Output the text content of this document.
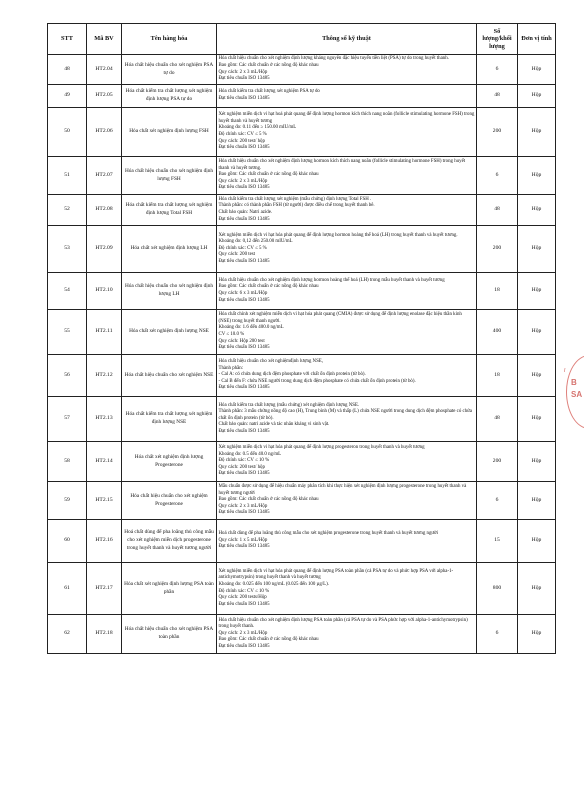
STT	Mã BV	Tên hàng hóa	Thông số kỹ thuật	Số lượng/khối lượng	Đơn vị tính
48	HT2.04	Hóa chất hiệu chuẩn cho xét nghiệm PSA tự do	Hóa chất hiệu chuẩn cho xét nghiệm định lượng kháng nguyên đặc hiệu tuyến tiền liệt (PSA) tự do trong huyết thanh.
Bao gồm: Các chất chuẩn ở các nồng độ khác nhau
Quy cách: 2 x 3 mL/Hộp
Đạt tiêu chuẩn ISO 13485	6	Hộp
49	HT2.05	Hóa chất kiểm tra chất lượng xét nghiệm định lượng PSA tự do	Hóa chất kiểm tra chất lượng xét nghiệm PSA tự do
Đạt tiêu chuẩn ISO 13485	48	Hộp
50	HT2.06	Hóa chất xét nghiệm định lượng FSH	Xét nghiệm miễn dịch vi hạt hoá phát quang để định lượng hormon kích thích nang noãn (follicle stimulating hormone FSH) trong huyết thanh và huyết tương
Khoảng đo: 0.11 đến ≥ 150.00 mIU/mL
Độ chính xác: CV ≤ 5 %
Quy cách: 200 test/ hộp
Đạt tiêu chuẩn ISO 13485	200	Hộp
51	HT2.07	Hóa chất hiệu chuẩn cho xét nghiệm định lượng FSH	Hóa chất hiệu chuẩn cho xét nghiệm định lượng hormon kích thích nang noãn (follicle stimulating hormone FSH) trong huyết thanh và huyết tương.
Bao gồm: Các chất chuẩn ở các nồng độ khác nhau
Quy cách: 2 x 3 mL/Hộp
Đạt tiêu chuẩn ISO 13485	6	Hộp
52	HT2.08	Hóa chất kiểm tra chất lượng xét nghiệm định lượng Total FSH	Hóa chất kiểm tra chất lượng xét nghiệm (mẫu chứng) định lượng Total FSH .
Thành phần: có thành phần FSH (từ người) được điều chế trong huyết thanh bê.
Chất bảo quản: Natri azide.
Đạt tiêu chuẩn ISO 13485	48	Hộp
53	HT2.09	Hóa chất xét nghiệm định lượng LH	Xét nghiệm miễn dịch vi hạt hóa phát quang để định lượng hormon hoàng thể hoá (LH) trong huyết thanh và huyết tương.
Khoảng đo: 0,12 đến 250.00 mIU/mL
Độ chính xác: CV ≤ 5 %
Quy cách: 200 test
Đạt tiêu chuẩn ISO 13485	200	Hộp
54	HT2.10	Hóa chất hiệu chuẩn cho xét nghiệm định lượng LH	Hóa chất hiệu chuẩn cho xét nghiệm định lượng hormon hoàng thể hoá (LH) trong mẫu huyết thanh và huyết tương
Bao gồm: Các chất chuẩn ở các nồng độ khác nhau
Quy cách: 6 x 3 mL/Hộp
Đạt tiêu chuẩn ISO 13485	18	Hộp
55	HT2.11	Hóa chất xét nghiệm định lượng NSE	Hóa chất chính xét nghiệm miễn dịch vi hạt hóa phát quang (CMIA) được sử dụng để định lượng enolase đặc hiệu thần kinh (NSE) trong huyết thanh người.
Khoảng đo: 1.6 đến 400.0 ng/mL
CV ≤ 10.0 %
Quy cách: Hộp 200 test
Đạt tiêu chuẩn ISO 13485	400	Hộp
56	HT2.12	Hóa chất hiệu chuẩn cho xét nghiệm NSE	Hóa chất hiệu chuẩn cho xét nghiệmđịnh lượng NSE,
Thành phần:
- Cal A: có chứa dung dịch đệm phosphate với chất ổn định protein (từ bò).
- Cal B đến F: chứa NSE người trong dung dịch đệm phosphate có chứa chất ổn định protein (từ bò).
Đạt tiêu chuẩn ISO 13485	18	Hộp
57	HT2.13	Hóa chất kiểm tra chất lượng xét nghiệm định lượng NSE	Hóa chất kiểm tra chất lượng (mẫu chứng) xét nghiệm định lượng NSE.
Thành phần: 3 mẫu chứng nồng độ cao (H), Trung bình (M) và thấp (L) chứa NSE người trong dung dịch đệm phosphate có chứa chất ổn định protein (từ bò).
Chất bảo quản: natri azide và tác nhân kháng vi sinh vật.
Đạt tiêu chuẩn ISO 13485	48	Hộp
58	HT2.14	Hóa chất xét nghiệm định lượng Progesterone	Xét nghiệm miễn dịch vi hạt hóa phát quang để định lượng progesteron trong huyết thanh và huyết tương
Khoảng đo: 0.5 đến 40.0 ng/mL
Độ chính xác: CV ≤ 10 %
Quy cách: 200 test/ hộp
Đạt tiêu chuẩn ISO 13485	200	Hộp
59	HT2.15	Hóa chất hiệu chuẩn cho xét nghiệm Progesterone	Mẫu chuẩn được sử dụng để hiệu chuẩn máy phân tích khi thực hiện xét nghiệm định lượng progesterone trong huyết thanh và huyết tương người
Bao gồm: Các chất chuẩn ở các nồng độ khác nhau
Quy cách: 2 x 3 mL/Hộp
Đạt tiêu chuẩn ISO 13485	6	Hộp
60	HT2.16	Hoá chất dùng để pha loãng thủ công mẫu cho xét nghiệm miễn dịch progesterone trong huyết thanh và huyết tương người	Hoá chất dùng để pha loãng thủ công mẫu cho xét nghiệm progesterone trong huyết thanh và huyết tương người
Quy cách: 1 x 5 mL/Hộp
Đạt tiêu chuẩn ISO 13485	15	Hộp
61	HT2.17	Hóa chất xét nghiệm định lượng PSA toàn phần	Xét nghiệm miễn dịch vi hạt hóa phát quang để định lượng PSA toàn phần (cả PSA tự do và phức hợp PSA với alpha-1-antichymotrypsin) trong huyết thanh và huyết tương
Khoảng đo: 0.025 đến 100 ng/mL (0.025 đến 100 µg/L).
Độ chính xác: CV ≤ 10 %
Quy cách: 200 tests/Hộp
Đạt tiêu chuẩn ISO 13485	800	Hộp
62	HT2.18	Hóa chất hiệu chuẩn cho xét nghiệm PSA toàn phần	Hóa chất hiệu chuẩn cho xét nghiệm định lượng PSA toàn phần (cả PSA tự do và PSA phức hợp với alpha-1-antichymotrypsin) trong huyết thanh.
Quy cách: 2 x 3 mL/Hộp
Bao gồm: Các chất chuẩn ở các nồng độ khác nhau
Đạt tiêu chuẩn ISO 13485	6	Hộp
/
B
SA
